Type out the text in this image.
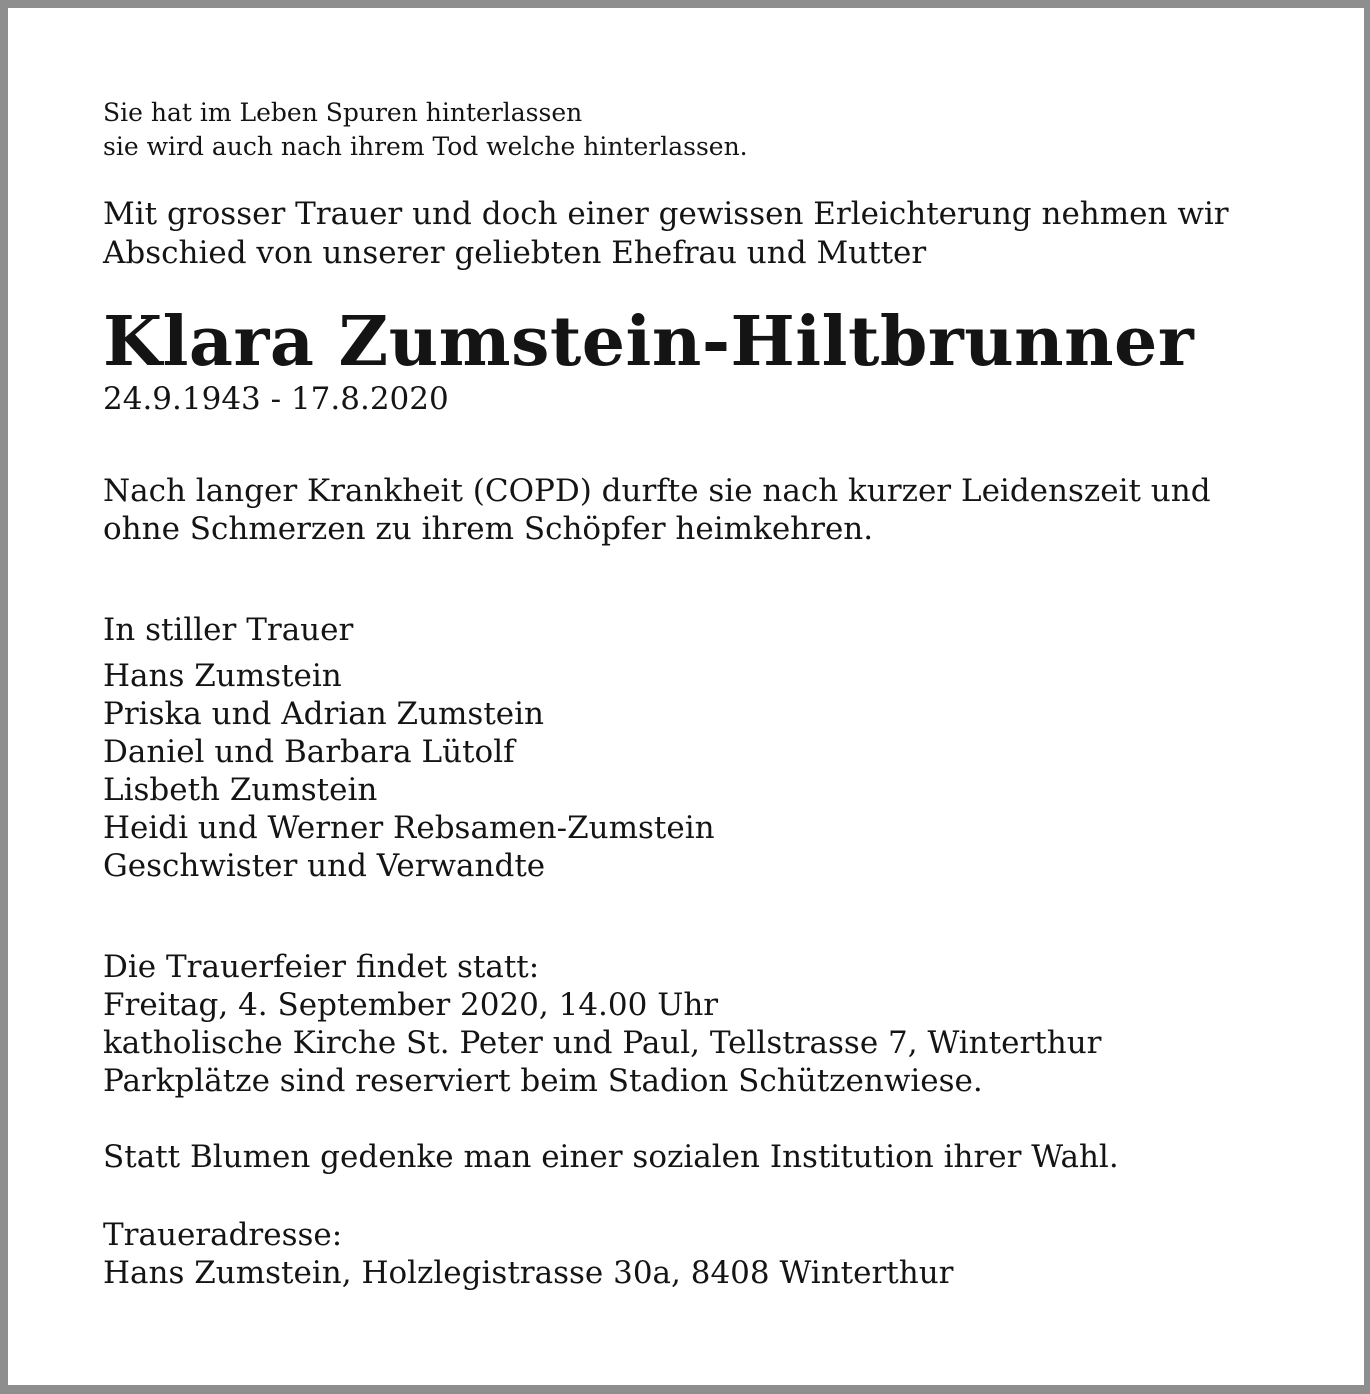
Sie hat im Leben Spuren hinterlassen

sie wird auch nach ihrem Tod welche hinterlassen.

Mit grosser Trauer und doch einer gewissen Erleichterung nehmen wir

Abschied von unserer geliebten Ehefrau und Mutter

Klara Zumstein-Hiltbrunner

24.9.1943 - 17.8.2020

Nach langer Krankheit (COPD) durfte sie nach kurzer Leidenszeit und
ohne Schmerzen zu ihrem Schöpfer heimkehren.

In stiller Trauer

Hans Zumstein
Priska und Adrian Zumstein
Daniel und Barbara Lütolf
Lisbeth Zumstein
Heidi und Werner Rebsamen-Zumstein
Geschwister und Verwandte

Die Trauerfeier findet statt:

Freitag, 4. September 2020, 14.00 Uhr

katholische Kirche St. Peter und Paul, Tellstrasse 7, Winterthur

Parkplätze sind reserviert beim Stadion Schützenwiese.

Statt Blumen gedenke man einer sozialen Institution ihrer Wahl.

Traueradresse:

Hans Zumstein, Holzlegistrasse 30a, 8408 Winterthur
